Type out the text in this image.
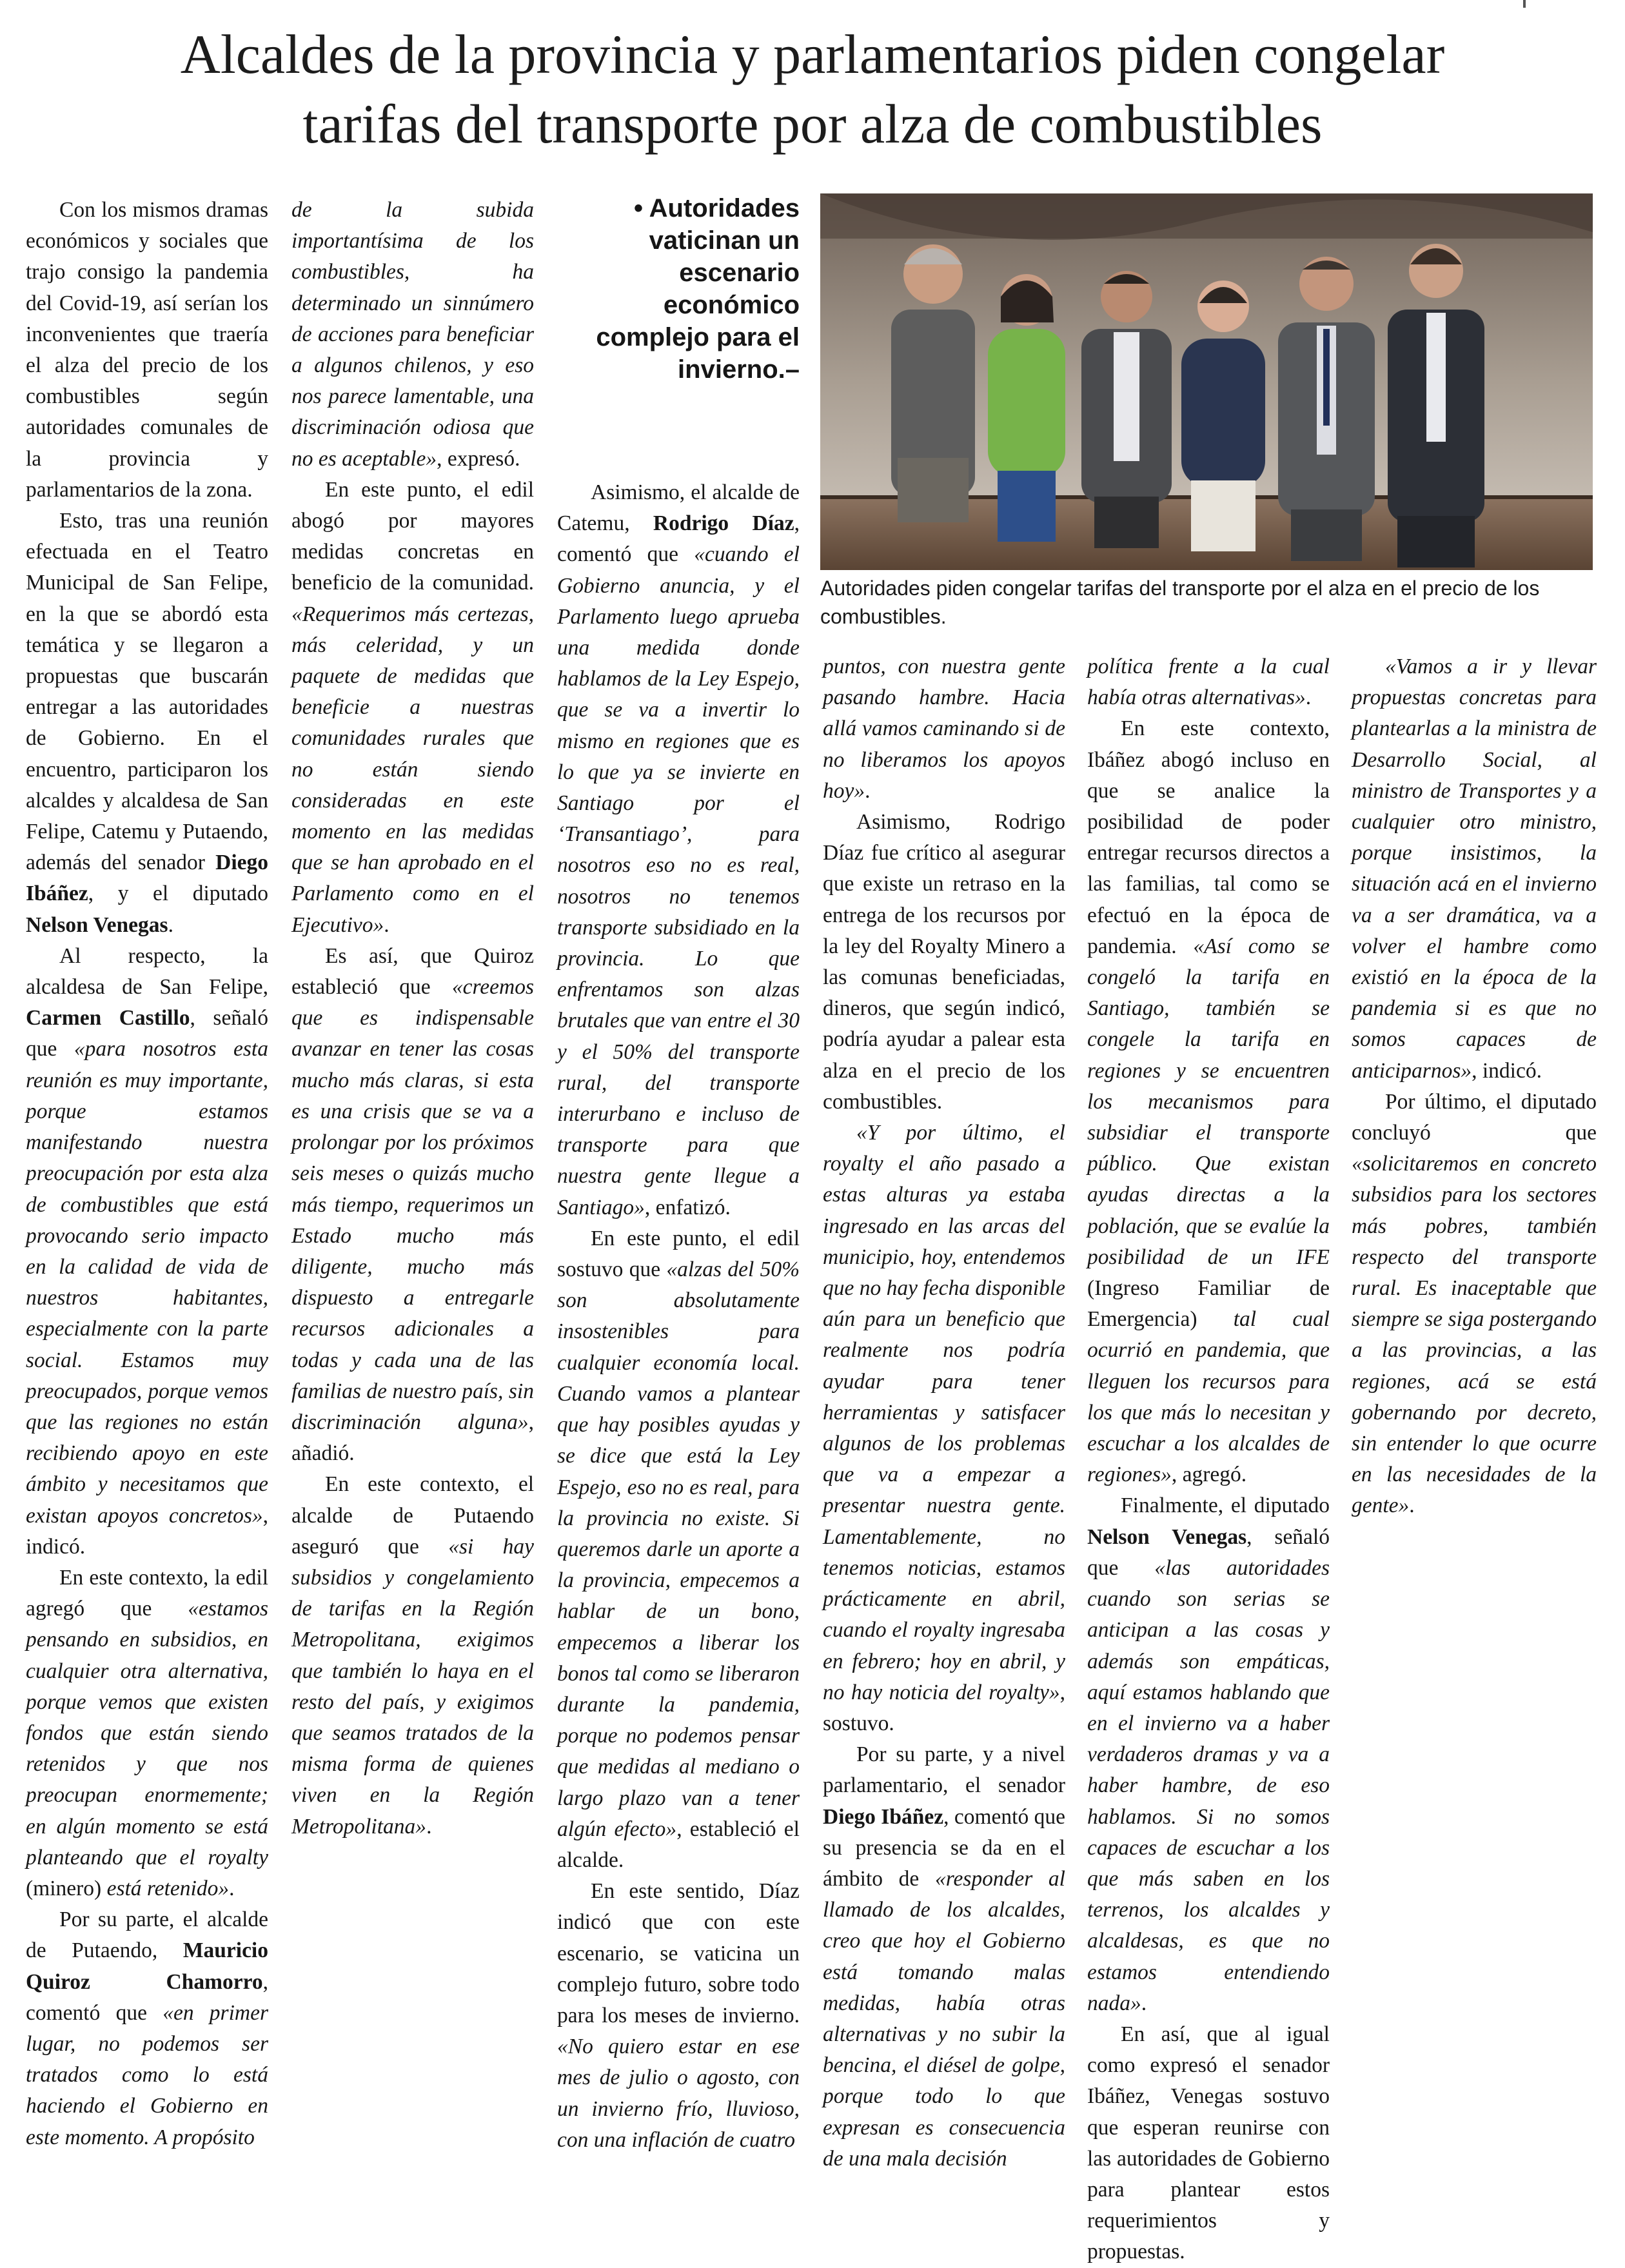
Alcaldes de la provincia y parlamentarios piden congelar
tarifas del transporte por alza de combustibles

Con los mismos dramas económicos y sociales que trajo consigo la pandemia del Covid-19, así serían los inconvenientes que traería el alza del precio de los combustibles según autoridades comunales de la provincia y parlamentarios de la zona.

Esto, tras una reunión efectuada en el Teatro Municipal de San Felipe, en la que se abordó esta temática y se llegaron a propuestas que buscarán entregar a las autoridades de Gobierno. En el encuentro, participaron los alcaldes y alcaldesa de San Felipe, Catemu y Putaendo, además del senador Diego Ibáñez, y el diputado Nelson Venegas.

Al respecto, la alcaldesa de San Felipe, Carmen Castillo, señaló que «para nosotros esta reunión es muy importante, porque estamos manifestando nuestra preocupación por esta alza de combustibles que está provocando serio impacto en la calidad de vida de nuestros habitantes, especialmente con la parte social. Estamos muy preocupados, porque vemos que las regiones no están recibiendo apoyo en este ámbito y necesitamos que existan apoyos concretos», indicó.

En este contexto, la edil agregó que «estamos pensando en subsidios, en cualquier otra alternativa, porque vemos que existen fondos que están siendo retenidos y que nos preocupan enormemente; en algún momento se está planteando que el royalty (minero) está retenido».

Por su parte, el alcalde de Putaendo, Mauricio Quiroz Chamorro, comentó que «en primer lugar, no podemos ser tratados como lo está haciendo el Gobierno en este momento. A propósito

de la subida importantísima de los combustibles, ha determinado un sinnúmero de acciones para beneficiar a algunos chilenos, y eso nos parece lamentable, una discriminación odiosa que no es aceptable», expresó.

En este punto, el edil abogó por mayores medidas concretas en beneficio de la comunidad. «Requerimos más certezas, más celeridad, y un paquete de medidas que beneficie a nuestras comunidades rurales que no están siendo consideradas en este momento en las medidas que se han aprobado en el Parlamento como en el Ejecutivo».

Es así, que Quiroz estableció que «creemos que es indispensable avanzar en tener las cosas mucho más claras, si esta es una crisis que se va a prolongar por los próximos seis meses o quizás mucho más tiempo, requerimos un Estado mucho más diligente, mucho más dispuesto a entregarle recursos adicionales a todas y cada una de las familias de nuestro país, sin discriminación alguna», añadió.

En este contexto, el alcalde de Putaendo aseguró que «si hay subsidios y congelamiento de tarifas en la Región Metropolitana, exigimos que también lo haya en el resto del país, y exigimos que seamos tratados de la misma forma de quienes viven en la Región Metropolitana».

• Autoridades vaticinan un escenario económico complejo para el invierno.–

Asimismo, el alcalde de Catemu, Rodrigo Díaz, comentó que «cuando el Gobierno anuncia, y el Parlamento luego aprueba una medida donde hablamos de la Ley Espejo, que se va a invertir lo mismo en regiones que es lo que ya se invierte en Santiago por el ‘Transantiago’, para nosotros eso no es real, nosotros no tenemos transporte subsidiado en la provincia. Lo que enfrentamos son alzas brutales que van entre el 30 y el 50% del transporte rural, del transporte interurbano e incluso de transporte para que nuestra gente llegue a Santiago», enfatizó.

En este punto, el edil sostuvo que «alzas del 50% son absolutamente insostenibles para cualquier economía local. Cuando vamos a plantear que hay posibles ayudas y se dice que está la Ley Espejo, eso no es real, para la provincia no existe. Si queremos darle un aporte a la provincia, empecemos a hablar de un bono, empecemos a liberar los bonos tal como se liberaron durante la pandemia, porque no podemos pensar que medidas al mediano o largo plazo van a tener algún efecto», estableció el alcalde.

En este sentido, Díaz indicó que con este escenario, se vaticina un complejo futuro, sobre todo para los meses de invierno. «No quiero estar en ese mes de julio o agosto, con un invierno frío, lluvioso, con una inflación de cuatro

puntos, con nuestra gente pasando hambre. Hacia allá vamos caminando si de no liberamos los apoyos hoy».

Asimismo, Rodrigo Díaz fue crítico al asegurar que existe un retraso en la entrega de los recursos por la ley del Royalty Minero a las comunas beneficiadas, dineros, que según indicó, podría ayudar a palear esta alza en el precio de los combustibles.

«Y por último, el royalty el año pasado a estas alturas ya estaba ingresado en las arcas del municipio, hoy, entendemos que no hay fecha disponible aún para un beneficio que realmente nos podría ayudar para tener herramientas y satisfacer algunos de los problemas que va a empezar a presentar nuestra gente. Lamentablemente, no tenemos noticias, estamos prácticamente en abril, cuando el royalty ingresaba en febrero; hoy en abril, y no hay noticia del royalty», sostuvo.

Por su parte, y a nivel parlamentario, el senador Diego Ibáñez, comentó que su presencia se da en el ámbito de «responder al llamado de los alcaldes, creo que hoy el Gobierno está tomando malas medidas, había otras alternativas y no subir la bencina, el diésel de golpe, porque todo lo que expresan es consecuencia de una mala decisión

política frente a la cual había otras alternativas».

En este contexto, Ibáñez abogó incluso en que se analice la posibilidad de poder entregar recursos directos a las familias, tal como se efectuó en la época de pandemia. «Así como se congeló la tarifa en Santiago, también se congele la tarifa en regiones y se encuentren los mecanismos para subsidiar el transporte público. Que existan ayudas directas a la población, que se evalúe la posibilidad de un IFE (Ingreso Familiar de Emergencia) tal cual ocurrió en pandemia, que lleguen los recursos para los que más lo necesitan y escuchar a los alcaldes de regiones», agregó.

Finalmente, el diputado Nelson Venegas, señaló que «las autoridades cuando son serias se anticipan a las cosas y además son empáticas, aquí estamos hablando que en el invierno va a haber verdaderos dramas y va a haber hambre, de eso hablamos. Si no somos capaces de escuchar a los que más saben en los terrenos, los alcaldes y alcaldesas, es que no estamos entendiendo nada».

En así, que al igual como expresó el senador Ibáñez, Venegas sostuvo que esperan reunirse con las autoridades de Gobierno para plantear estos requerimientos y propuestas.

«Vamos a ir y llevar propuestas concretas para plantearlas a la ministra de Desarrollo Social, al ministro de Transportes y a cualquier otro ministro, porque insistimos, la situación acá en el invierno va a ser dramática, va a volver el hambre como existió en la época de la pandemia si es que no somos capaces de anticiparnos», indicó.

Por último, el diputado concluyó que «solicitaremos en concreto subsidios para los sectores más pobres, también respecto del transporte rural. Es inaceptable que siempre se siga postergando a las provincias, a las regiones, acá se está gobernando por decreto, sin entender lo que ocurre en las necesidades de la gente».

Autoridades piden congelar tarifas del transporte por el alza en el precio de los combustibles.
